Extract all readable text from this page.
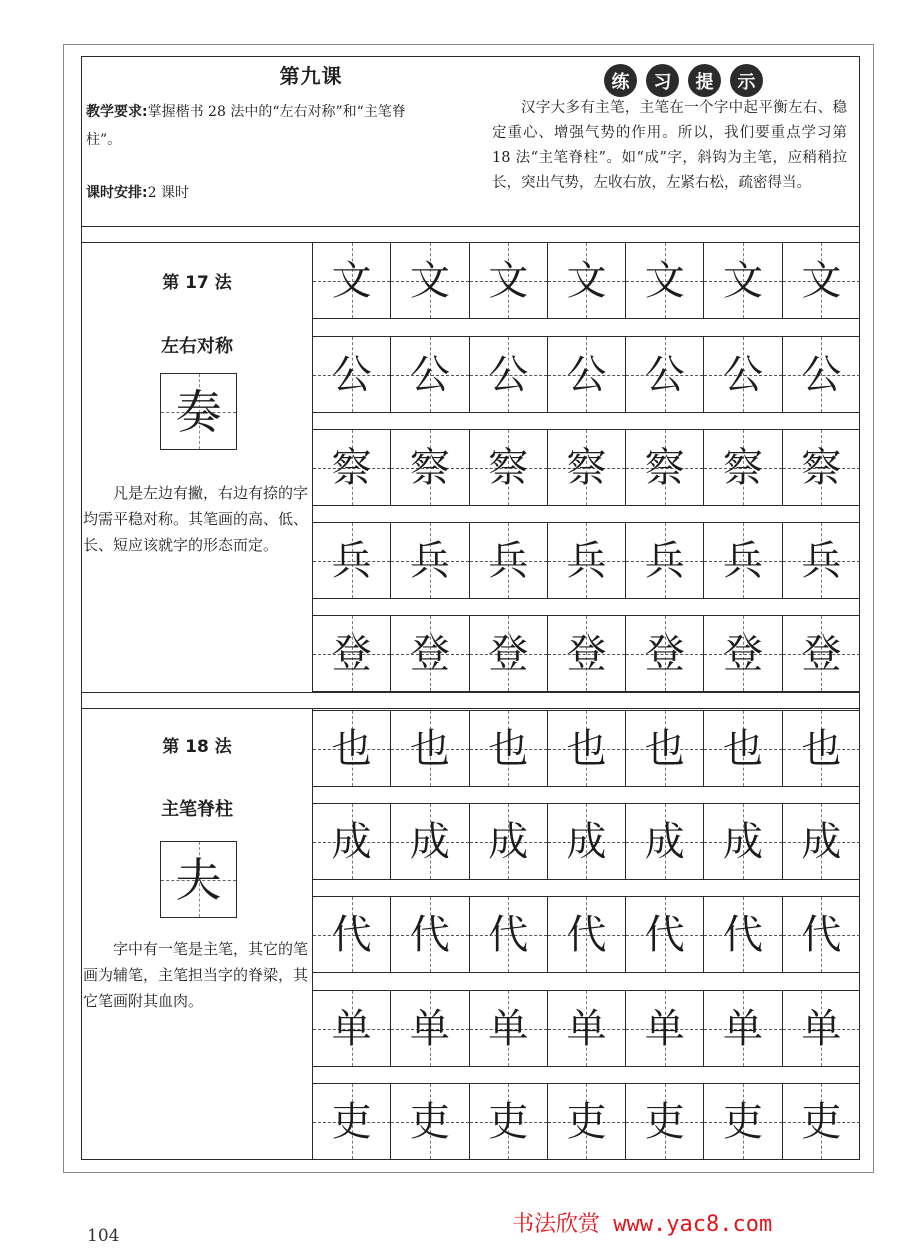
第九课
教学要求:掌握楷书 28 法中的“左右对称”和“主笔脊柱”。
课时安排:2 课时
练	习	提	示
汉字大多有主笔，主笔在一个字中起平衡左右、稳定重心、增强气势的作用。所以，我们要重点学习第 18 法“主笔脊柱”。如“成”字，斜钩为主笔，应稍稍拉长，突出气势，左收右放，左紧右松，疏密得当。
第 17 法
左右对称
奏
凡是左边有撇，右边有捺的字均需平稳对称。其笔画的高、低、长、短应该就字的形态而定。
文 文 文 文 文 文 文
公 公 公 公 公 公 公
察 察 察 察 察 察 察
兵 兵 兵 兵 兵 兵 兵
登 登 登 登 登 登 登
第 18 法
主笔脊柱
夫
字中有一笔是主笔，其它的笔画为辅笔，主笔担当字的脊梁，其它笔画附其血肉。
也 也 也 也 也 也 也
成 成 成 成 成 成 成
代 代 代 代 代 代 代
单 单 单 单 单 单 单
吏 吏 吏 吏 吏 吏 吏
104	书法欣赏 www.yac8.com
